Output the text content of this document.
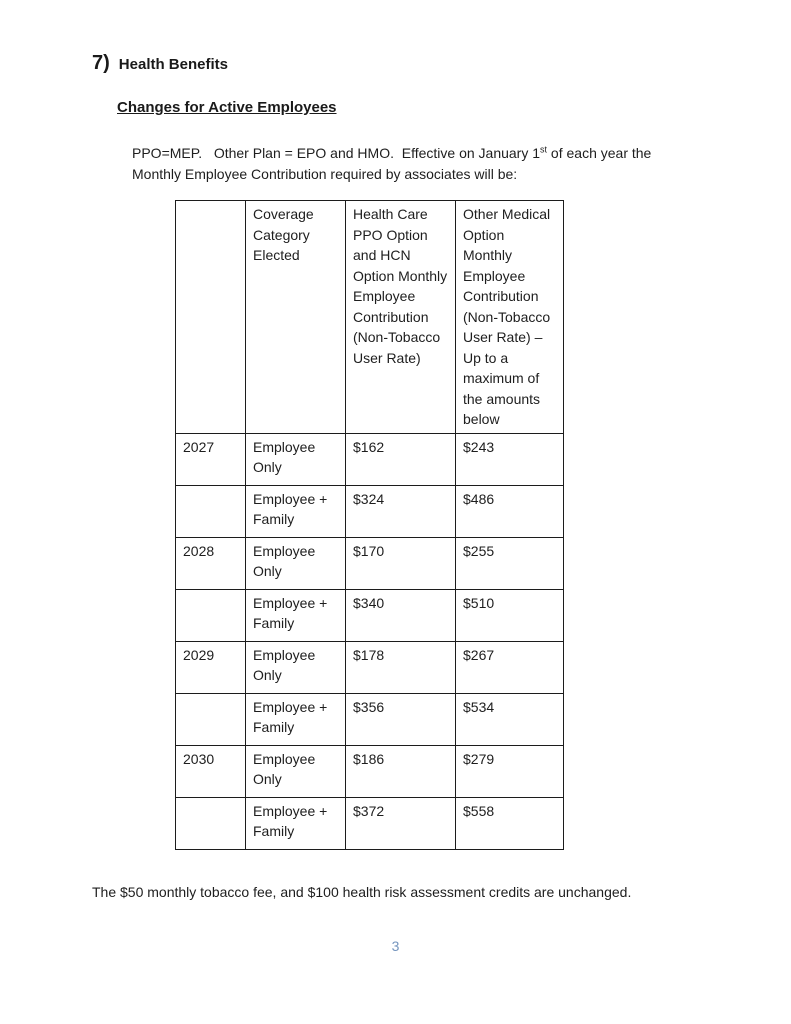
7) Health Benefits
Changes for Active Employees
PPO=MEP.   Other Plan = EPO and HMO.  Effective on January 1st of each year the Monthly Employee Contribution required by associates will be:
	Coverage Category Elected	Health Care PPO Option and HCN Option Monthly Employee Contribution (Non-Tobacco User Rate)	Other Medical Option Monthly Employee Contribution (Non-Tobacco User Rate) – Up to a maximum of the amounts below
2027	Employee Only	$162	$243
	Employee + Family	$324	$486
2028	Employee Only	$170	$255
	Employee + Family	$340	$510
2029	Employee Only	$178	$267
	Employee + Family	$356	$534
2030	Employee Only	$186	$279
	Employee + Family	$372	$558
The $50 monthly tobacco fee, and $100 health risk assessment credits are unchanged.
3
